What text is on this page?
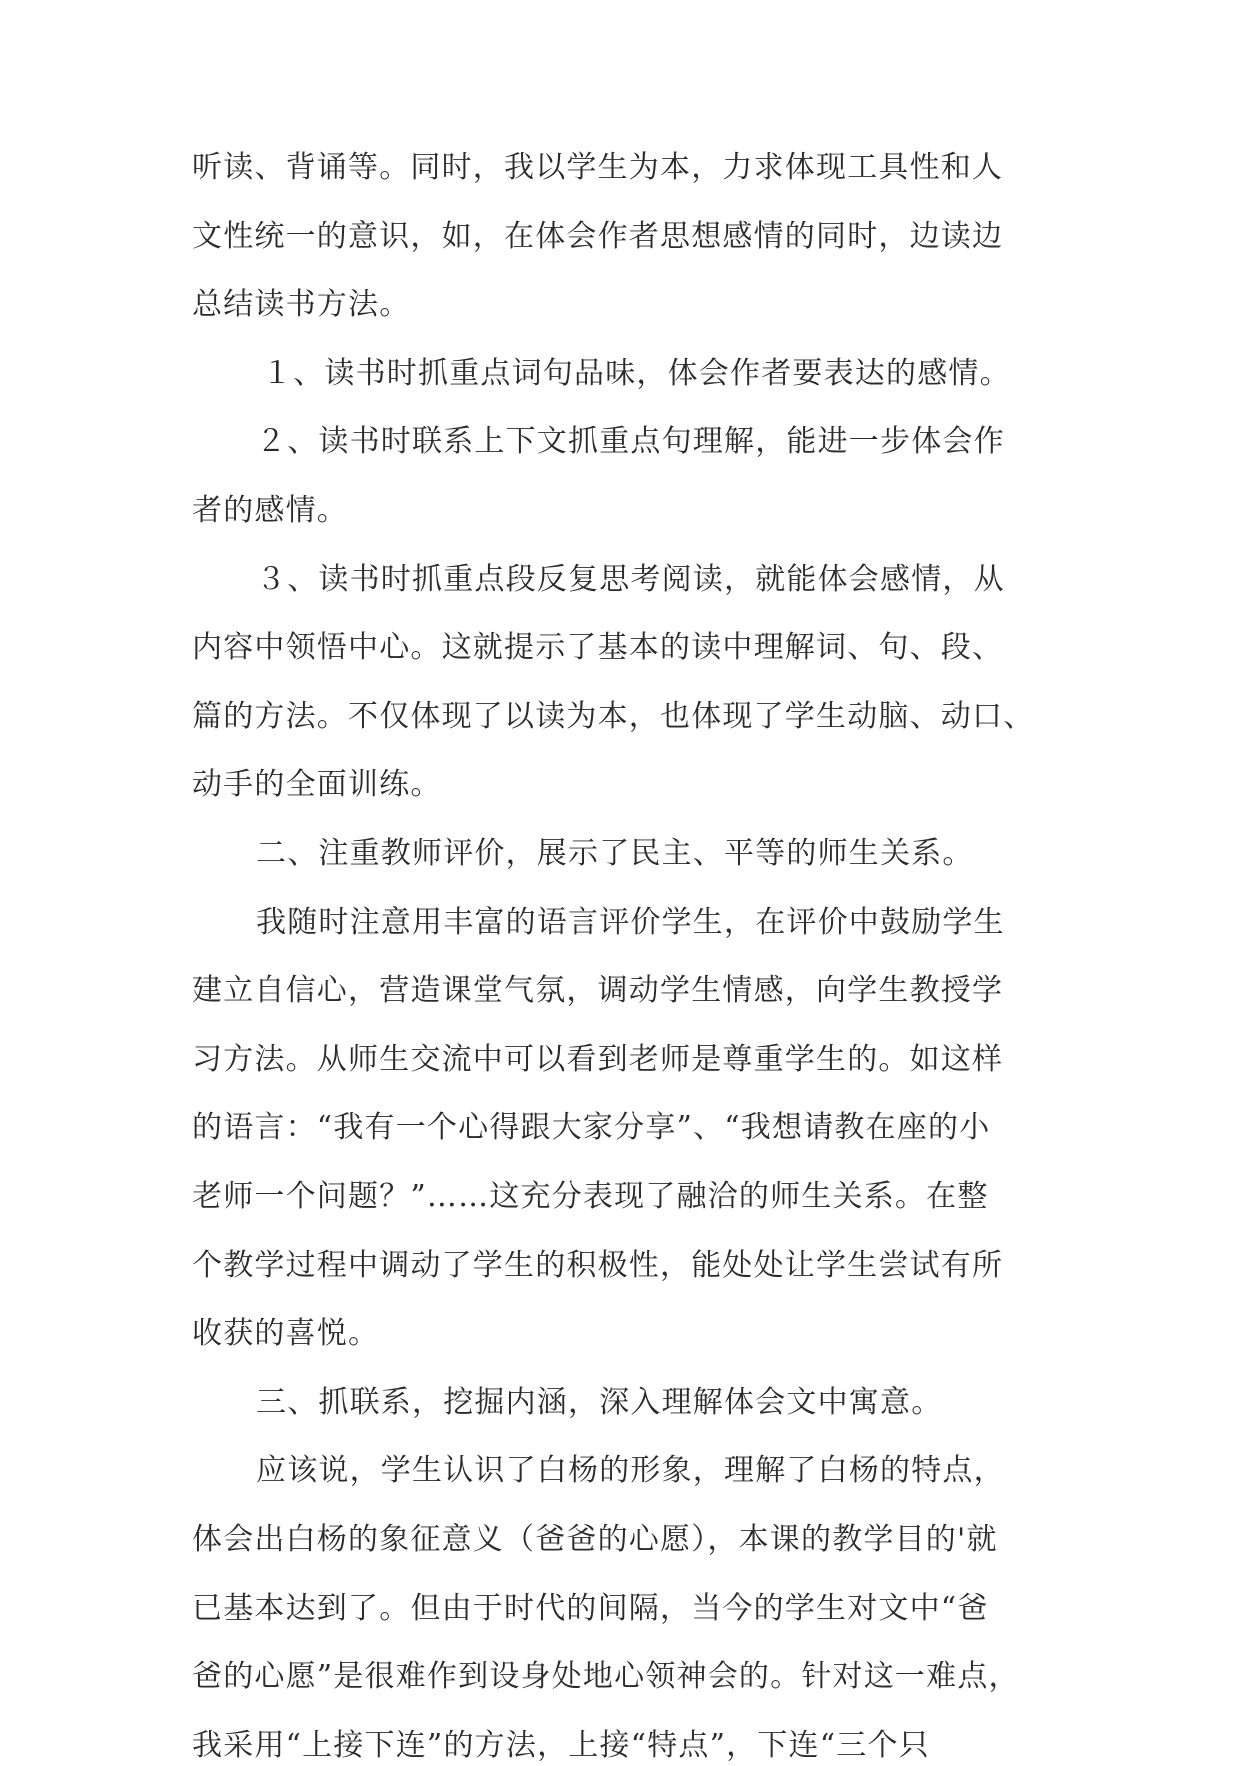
听读、背诵等。同时，我以学生为本，力求体现工具性和人
文性统一的意识，如，在体会作者思想感情的同时，边读边
总结读书方法。
１、读书时抓重点词句品味，体会作者要表达的感情。
２、读书时联系上下文抓重点句理解，能进一步体会作
者的感情。
３、读书时抓重点段反复思考阅读，就能体会感情，从
内容中领悟中心。这就提示了基本的读中理解词、句、段、
篇的方法。不仅体现了以读为本，也体现了学生动脑、动口、
动手的全面训练。
二、注重教师评价，展示了民主、平等的师生关系。
我随时注意用丰富的语言评价学生，在评价中鼓励学生
建立自信心，营造课堂气氛，调动学生情感，向学生教授学
习方法。从师生交流中可以看到老师是尊重学生的。如这样
的语言：“我有一个心得跟大家分享”、“我想请教在座的小
老师一个问题？”……这充分表现了融洽的师生关系。在整
个教学过程中调动了学生的积极性，能处处让学生尝试有所
收获的喜悦。
三、抓联系，挖掘内涵，深入理解体会文中寓意。
应该说，学生认识了白杨的形象，理解了白杨的特点，
体会出白杨的象征意义（爸爸的心愿），本课的教学目的'就
已基本达到了。但由于时代的间隔，当今的学生对文中“爸
爸的心愿”是很难作到设身处地心领神会的。针对这一难点，
我采用“上接下连”的方法，上接“特点”，下连“三个只
